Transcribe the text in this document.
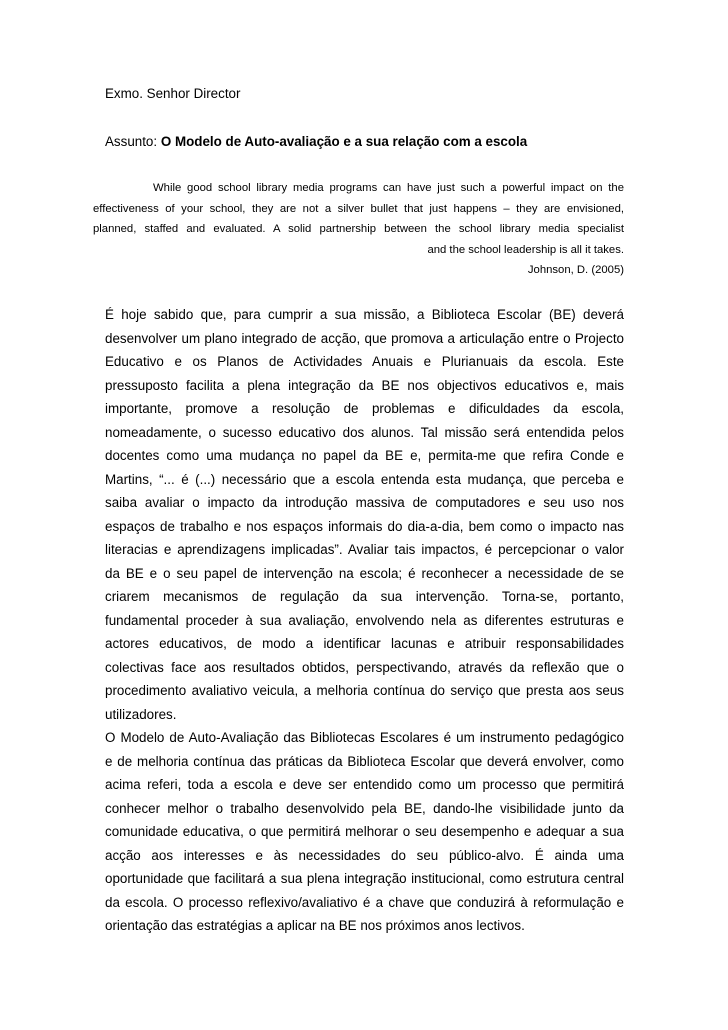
Exmo. Senhor Director
Assunto: O Modelo de Auto-avaliação e a sua relação com a escola
While good school library media programs can have just such a powerful impact on the
effectiveness of your school, they are not a silver bullet that just happens – they are envisioned,
planned, staffed and evaluated. A solid partnership between the school library media specialist
and the school leadership is all it takes.
Johnson, D. (2005)
É hoje sabido que, para cumprir a sua missão, a Biblioteca Escolar (BE) deverá
desenvolver um plano integrado de acção, que promova a articulação entre o Projecto
Educativo e os Planos de Actividades Anuais e Plurianuais da escola. Este
pressuposto facilita a plena integração da BE nos objectivos educativos e, mais
importante, promove a resolução de problemas e dificuldades da escola,
nomeadamente, o sucesso educativo dos alunos. Tal missão será entendida pelos
docentes como uma mudança no papel da BE e, permita-me que refira Conde e
Martins, “... é (...) necessário que a escola entenda esta mudança, que perceba e
saiba avaliar o impacto da introdução massiva de computadores e seu uso nos
espaços de trabalho e nos espaços informais do dia-a-dia, bem como o impacto nas
literacias e aprendizagens implicadas”. Avaliar tais impactos, é percepcionar o valor
da BE e o seu papel de intervenção na escola; é reconhecer a necessidade de se
criarem mecanismos de regulação da sua intervenção. Torna-se, portanto,
fundamental proceder à sua avaliação, envolvendo nela as diferentes estruturas e
actores educativos, de modo a identificar lacunas e atribuir responsabilidades
colectivas face aos resultados obtidos, perspectivando, através da reflexão que o
procedimento avaliativo veicula, a melhoria contínua do serviço que presta aos seus
utilizadores.
O Modelo de Auto-Avaliação das Bibliotecas Escolares é um instrumento pedagógico
e de melhoria contínua das práticas da Biblioteca Escolar que deverá envolver, como
acima referi, toda a escola e deve ser entendido como um processo que permitirá
conhecer melhor o trabalho desenvolvido pela BE, dando-lhe visibilidade junto da
comunidade educativa, o que permitirá melhorar o seu desempenho e adequar a sua
acção aos interesses e às necessidades do seu público-alvo. É ainda uma
oportunidade que facilitará a sua plena integração institucional, como estrutura central
da escola. O processo reflexivo/avaliativo é a chave que conduzirá à reformulação e
orientação das estratégias a aplicar na BE nos próximos anos lectivos.
